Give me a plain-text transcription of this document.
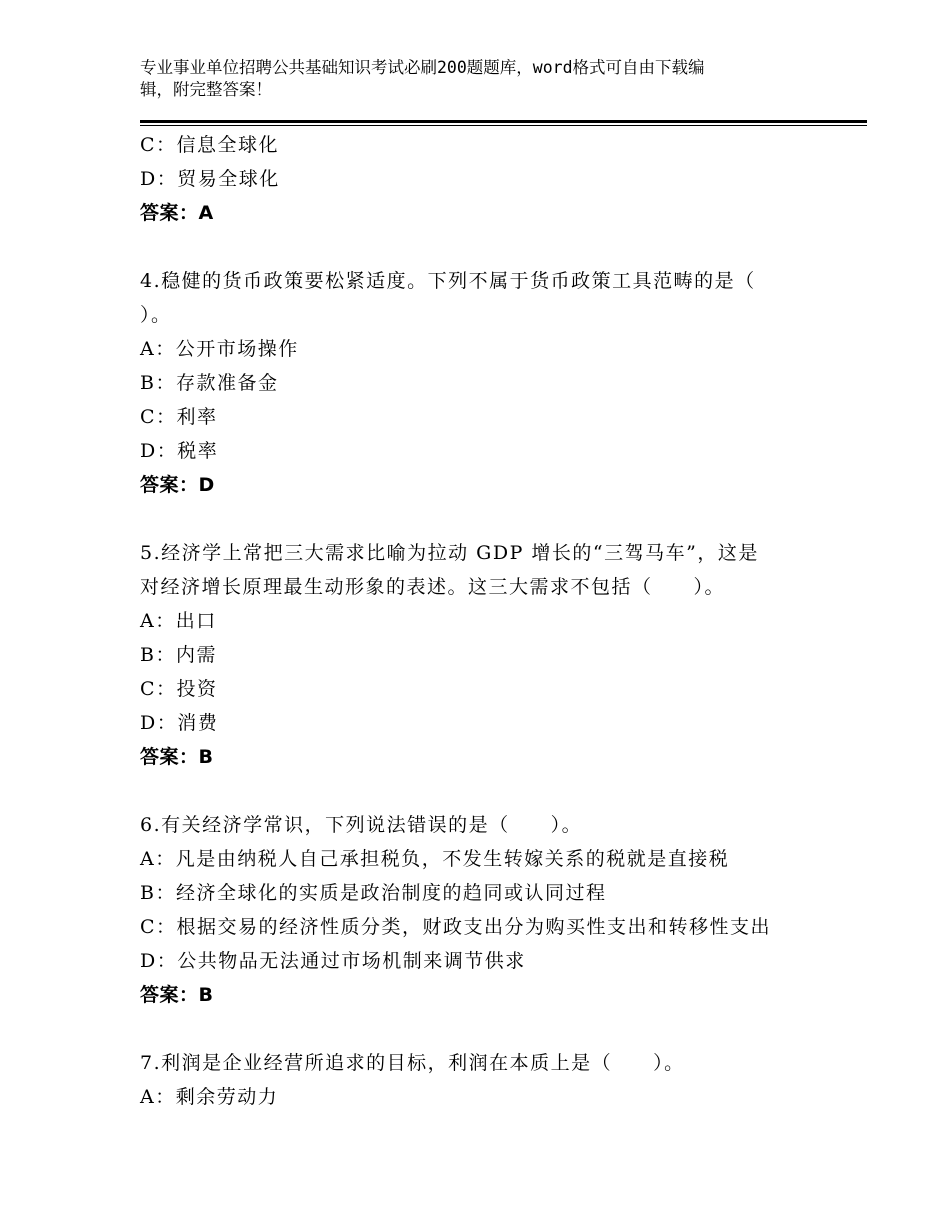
专业事业单位招聘公共基础知识考试必刷200题题库，word格式可自由下载编
辑，附完整答案！
C：信息全球化
D：贸易全球化
答案：A
4.稳健的货币政策要松紧适度。下列不属于货币政策工具范畴的是（
）。
A：公开市场操作
B：存款准备金
C：利率
D：税率
答案：D
5.经济学上常把三大需求比喻为拉动 GDP 增长的“三驾马车”，这是
对经济增长原理最生动形象的表述。这三大需求不包括（　　）。
A：出口
B：内需
C：投资
D：消费
答案：B
6.有关经济学常识，下列说法错误的是（　　）。
A：凡是由纳税人自己承担税负，不发生转嫁关系的税就是直接税
B：经济全球化的实质是政治制度的趋同或认同过程
C：根据交易的经济性质分类，财政支出分为购买性支出和转移性支出
D：公共物品无法通过市场机制来调节供求
答案：B
7.利润是企业经营所追求的目标，利润在本质上是（　　）。
A：剩余劳动力
